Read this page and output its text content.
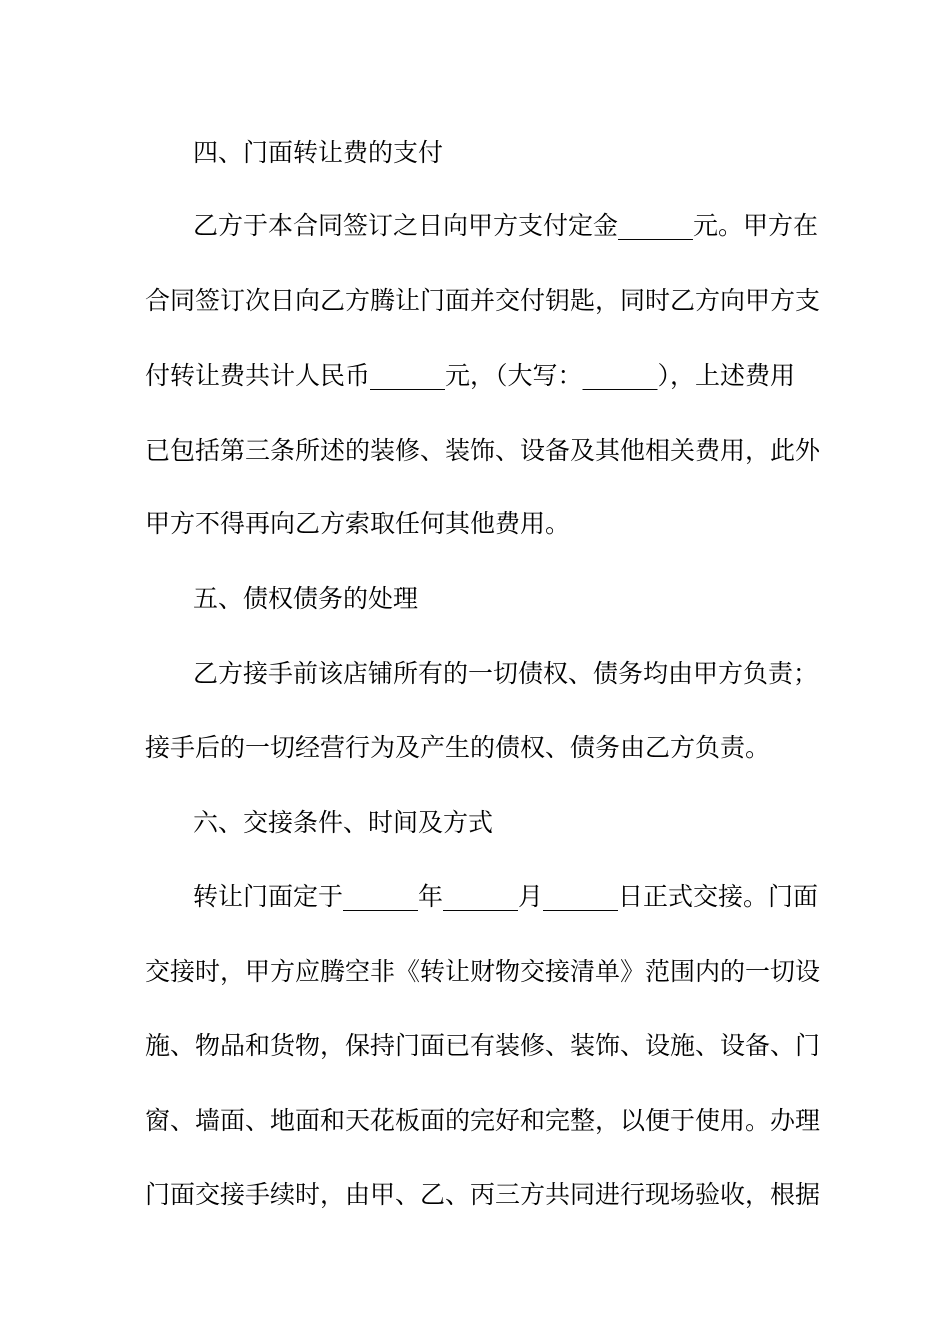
四、门面转让费的支付

乙方于本合同签订之日向甲方支付定金______元。甲方在

合同签订次日向乙方腾让门面并交付钥匙，同时乙方向甲方支

付转让费共计人民币______元，（大写：______），上述费用

已包括第三条所述的装修、装饰、设备及其他相关费用，此外

甲方不得再向乙方索取任何其他费用。

五、债权债务的处理

乙方接手前该店铺所有的一切债权、债务均由甲方负责；

接手后的一切经营行为及产生的债权、债务由乙方负责。

六、交接条件、时间及方式

转让门面定于______年______月______日正式交接。门面

交接时，甲方应腾空非《转让财物交接清单》范围内的一切设

施、物品和货物，保持门面已有装修、装饰、设施、设备、门

窗、墙面、地面和天花板面的完好和完整，以便于使用。办理

门面交接手续时，由甲、乙、丙三方共同进行现场验收，根据
